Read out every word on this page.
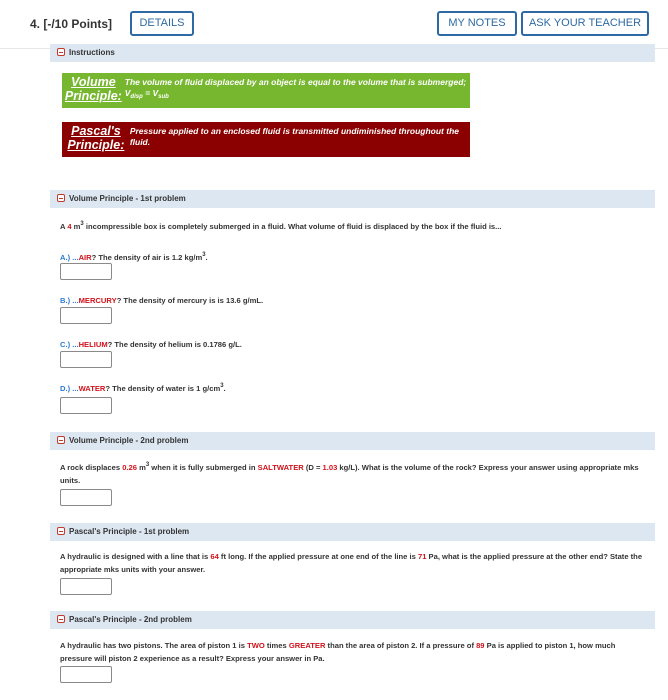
4. [-/10 Points]	DETAILS	MY NOTES	ASK YOUR TEACHER
Instructions
Volume Principle:
The volume of fluid displaced by an object is equal to the volume that is submerged; $V_{disp} = V_{sub}$
Pascal's Principle:
Pressure applied to an enclosed fluid is transmitted undiminished throughout the fluid.
Volume Principle - 1st problem
A 4 $m^3$ incompressible box is completely submerged in a fluid. What volume of fluid is displaced by the box if the fluid is...
A.) ...AIR? The density of air is 1.2 $kg/m^3$.
B.) ...MERCURY? The density of mercury is is 13.6 g/mL.
C.) ...HELIUM? The density of helium is 0.1786 g/L.
D.) ...WATER? The density of water is 1 $g/cm^3$.
Volume Principle - 2nd problem
A rock displaces 0.26 $m^3$ when it is fully submerged in SALTWATER (D = 1.03 kg/L). What is the volume of the rock? Express your answer using appropriate mks units.
Pascal's Principle - 1st problem
A hydraulic is designed with a line that is 64 ft long. If the applied pressure at one end of the line is 71 Pa, what is the applied pressure at the other end? State the appropriate mks units with your answer.
Pascal's Principle - 2nd problem
A hydraulic has two pistons. The area of piston 1 is TWO times GREATER than the area of piston 2. If a pressure of 89 Pa is applied to piston 1, how much pressure will piston 2 experience as a result? Express your answer in Pa.
